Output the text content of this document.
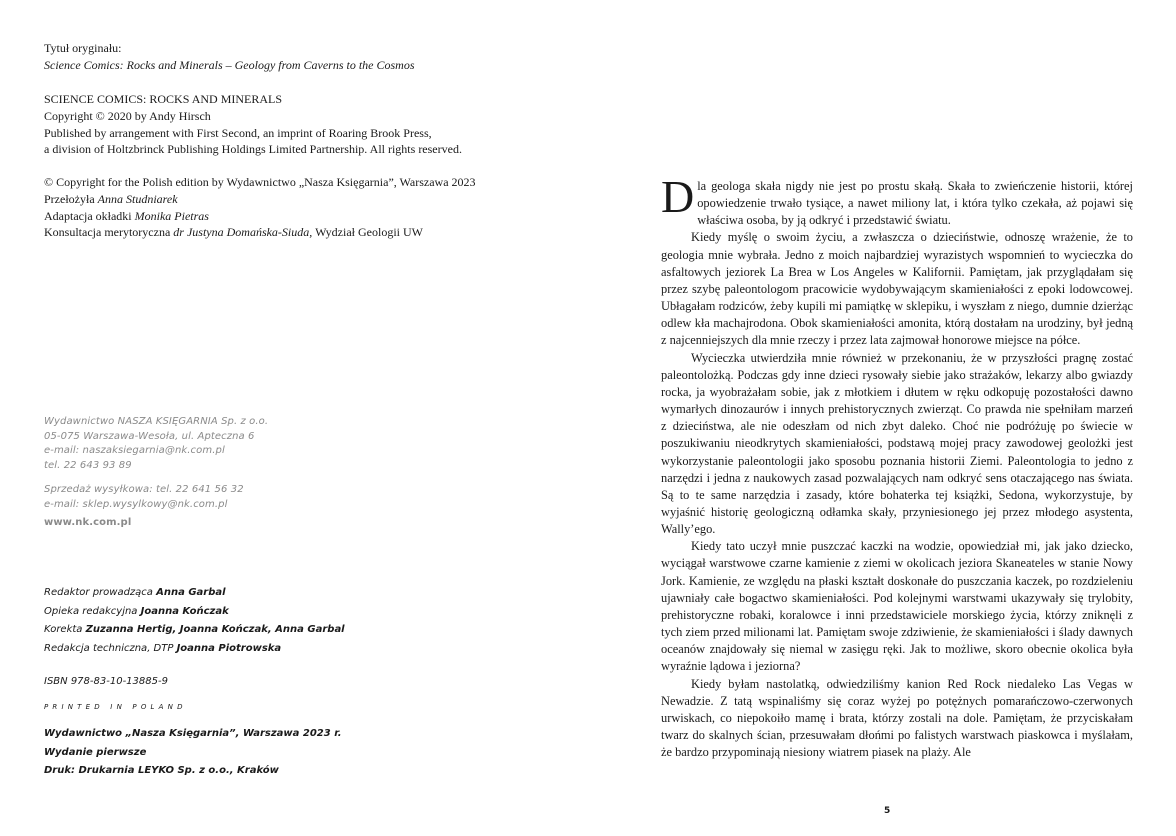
Tytuł oryginału:
Science Comics: Rocks and Minerals – Geology from Caverns to the Cosmos
SCIENCE COMICS: ROCKS AND MINERALS
Copyright © 2020 by Andy Hirsch
Published by arrangement with First Second, an imprint of Roaring Brook Press,
a division of Holtzbrinck Publishing Holdings Limited Partnership. All rights reserved.
© Copyright for the Polish edition by Wydawnictwo „Nasza Księgarnia”, Warszawa 2023
Przełożyła Anna Studniarek
Adaptacja okładki Monika Pietras
Konsultacja merytoryczna dr Justyna Domańska-Siuda, Wydział Geologii UW
Wydawnictwo NASZA KSIĘGARNIA Sp. z o.o.
05-075 Warszawa-Wesoła, ul. Apteczna 6
e-mail: naszaksiegarnia@nk.com.pl
tel. 22 643 93 89
Sprzedaż wysyłkowa: tel. 22 641 56 32
e-mail: sklep.wysylkowy@nk.com.pl
www.nk.com.pl
Redaktor prowadząca Anna Garbal
Opieka redakcyjna Joanna Kończak
Korekta Zuzanna Hertig, Joanna Kończak, Anna Garbal
Redakcja techniczna, DTP Joanna Piotrowska
ISBN 978-83-10-13885-9
PRINTED IN POLAND
Wydawnictwo „Nasza Księgarnia”, Warszawa 2023 r.
Wydanie pierwsze
Druk: Drukarnia LEYKO Sp. z o.o., Kraków

Dla geologa skała nigdy nie jest po prostu skałą. Skała to zwieńczenie historii, której opowiedzenie trwało tysiące, a nawet miliony lat, i która tylko czekała, aż pojawi się właściwa osoba, by ją odkryć i przedstawić światu.

Kiedy myślę o swoim życiu, a zwłaszcza o dzieciństwie, odnoszę wrażenie, że to geologia mnie wybrała. Jedno z moich najbardziej wyrazistych wspomnień to wycieczka do asfaltowych jeziorek La Brea w Los Angeles w Kalifornii. Pamiętam, jak przyglądałam się przez szybę paleontologom pracowicie wydobywającym skamieniałości z epoki lodowcowej. Ubłagałam rodziców, żeby kupili mi pamiątkę w sklepiku, i wyszłam z niego, dumnie dzierżąc odlew kła machajrodona. Obok skamieniałości amonita, którą dostałam na urodziny, był jedną z najcenniejszych dla mnie rzeczy i przez lata zajmował honorowe miejsce na półce.

Wycieczka utwierdziła mnie również w przekonaniu, że w przyszłości pragnę zostać paleontolożką. Podczas gdy inne dzieci rysowały siebie jako strażaków, lekarzy albo gwiazdy rocka, ja wyobrażałam sobie, jak z młotkiem i dłutem w ręku odkopuję pozostałości dawno wymarłych dinozaurów i innych prehistorycznych zwierząt. Co prawda nie spełniłam marzeń z dzieciństwa, ale nie odeszłam od nich zbyt daleko. Choć nie podróżuję po świecie w poszukiwaniu nieodkrytych skamieniałości, podstawą mojej pracy zawodowej geolożki jest wykorzystanie paleontologii jako sposobu poznania historii Ziemi. Paleontologia to jedno z narzędzi i jedna z naukowych zasad pozwalających nam odkryć sens otaczającego nas świata. Są to te same narzędzia i zasady, które bohaterka tej książki, Sedona, wykorzystuje, by wyjaśnić historię geologiczną odłamka skały, przyniesionego jej przez młodego asystenta, Wally’ego.

Kiedy tato uczył mnie puszczać kaczki na wodzie, opowiedział mi, jak jako dziecko, wyciągał warstwowe czarne kamienie z ziemi w okolicach jeziora Skaneateles w stanie Nowy Jork. Kamienie, ze względu na płaski kształt doskonałe do puszczania kaczek, po rozdzieleniu ujawniały całe bogactwo skamieniałości. Pod kolejnymi warstwami ukazywały się trylobity, prehistoryczne robaki, koralowce i inni przedstawiciele morskiego życia, którzy zniknęli z tych ziem przed milionami lat. Pamiętam swoje zdziwienie, że skamieniałości i ślady dawnych oceanów znajdowały się niemal w zasięgu ręki. Jak to możliwe, skoro obecnie okolica była wyraźnie lądowa i jeziorna?

Kiedy byłam nastolatką, odwiedziliśmy kanion Red Rock niedaleko Las Vegas w Newadzie. Z tatą wspinaliśmy się coraz wyżej po potężnych pomarańczowo-czerwonych urwiskach, co niepokoiło mamę i brata, którzy zostali na dole. Pamiętam, że przyciskałam twarz do skalnych ścian, przesuwałam dłońmi po falistych warstwach piaskowca i myślałam, że bardzo przypominają niesiony wiatrem piasek na plaży. Ale

5
